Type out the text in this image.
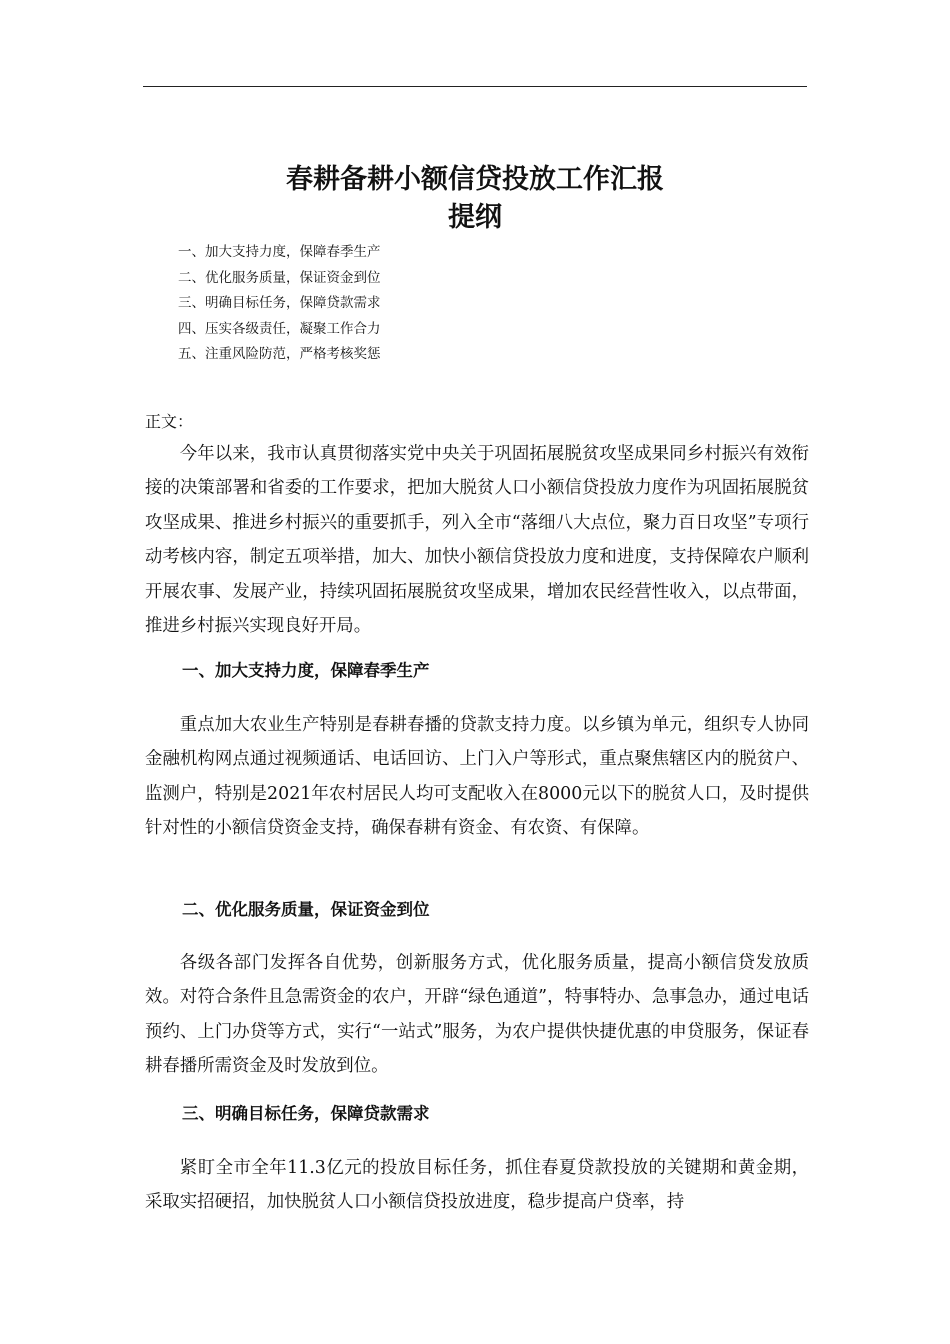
春耕备耕小额信贷投放工作汇报
提纲
一、加大支持力度，保障春季生产
二、优化服务质量，保证资金到位
三、明确目标任务，保障贷款需求
四、压实各级责任，凝聚工作合力
五、注重风险防范，严格考核奖惩
正文：

今年以来，我市认真贯彻落实党中央关于巩固拓展脱贫攻坚成果同乡村振兴有效衔接的决策部署和省委的工作要求，把加大脱贫人口小额信贷投放力度作为巩固拓展脱贫攻坚成果、推进乡村振兴的重要抓手，列入全市“落细八大点位，聚力百日攻坚”专项行动考核内容，制定五项举措，加大、加快小额信贷投放力度和进度，支持保障农户顺利开展农事、发展产业，持续巩固拓展脱贫攻坚成果，增加农民经营性收入，以点带面，推进乡村振兴实现良好开局。

一、加大支持力度，保障春季生产

重点加大农业生产特别是春耕春播的贷款支持力度。以乡镇为单元，组织专人协同金融机构网点通过视频通话、电话回访、上门入户等形式，重点聚焦辖区内的脱贫户、监测户，特别是2021年农村居民人均可支配收入在8000元以下的脱贫人口，及时提供针对性的小额信贷资金支持，确保春耕有资金、有农资、有保障。

二、优化服务质量，保证资金到位

各级各部门发挥各自优势，创新服务方式，优化服务质量，提高小额信贷发放质效。对符合条件且急需资金的农户，开辟“绿色通道”，特事特办、急事急办，通过电话预约、上门办贷等方式，实行“一站式”服务，为农户提供快捷优惠的申贷服务，保证春耕春播所需资金及时发放到位。

三、明确目标任务，保障贷款需求

紧盯全市全年11.3亿元的投放目标任务，抓住春夏贷款投放的关键期和黄金期，采取实招硬招，加快脱贫人口小额信贷投放进度，稳步提高户贷率，持
